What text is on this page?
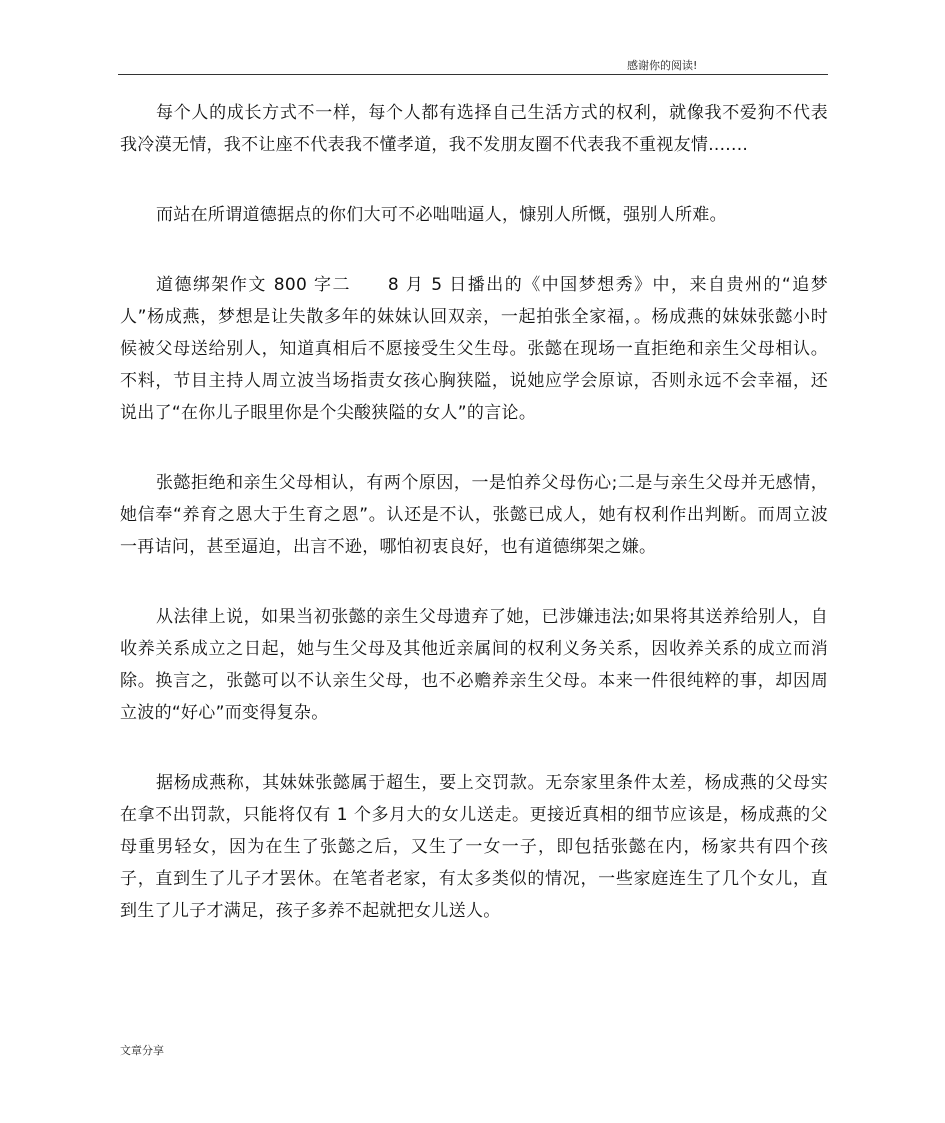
感谢你的阅读!

每个人的成长方式不一样，每个人都有选择自己生活方式的权利，就像我不爱狗不代表我冷漠无情，我不让座不代表我不懂孝道，我不发朋友圈不代表我不重视友情.......

而站在所谓道德据点的你们大可不必咄咄逼人，慷别人所慨，强别人所难。

道德绑架作文 800 字二　　8 月 5 日播出的《中国梦想秀》中，来自贵州的“追梦人”杨成燕，梦想是让失散多年的妹妹认回双亲，一起拍张全家福，。杨成燕的妹妹张懿小时候被父母送给别人，知道真相后不愿接受生父生母。张懿在现场一直拒绝和亲生父母相认。不料，节目主持人周立波当场指责女孩心胸狭隘，说她应学会原谅，否则永远不会幸福，还说出了“在你儿子眼里你是个尖酸狭隘的女人”的言论。

张懿拒绝和亲生父母相认，有两个原因，一是怕养父母伤心;二是与亲生父母并无感情，她信奉“养育之恩大于生育之恩”。认还是不认，张懿已成人，她有权利作出判断。而周立波一再诘问，甚至逼迫，出言不逊，哪怕初衷良好，也有道德绑架之嫌。

从法律上说，如果当初张懿的亲生父母遗弃了她，已涉嫌违法;如果将其送养给别人，自收养关系成立之日起，她与生父母及其他近亲属间的权利义务关系，因收养关系的成立而消除。换言之，张懿可以不认亲生父母，也不必赡养亲生父母。本来一件很纯粹的事，却因周立波的“好心”而变得复杂。

据杨成燕称，其妹妹张懿属于超生，要上交罚款。无奈家里条件太差，杨成燕的父母实在拿不出罚款，只能将仅有 1 个多月大的女儿送走。更接近真相的细节应该是，杨成燕的父母重男轻女，因为在生了张懿之后，又生了一女一子，即包括张懿在内，杨家共有四个孩子，直到生了儿子才罢休。在笔者老家，有太多类似的情况，一些家庭连生了几个女儿，直到生了儿子才满足，孩子多养不起就把女儿送人。

文章分享
